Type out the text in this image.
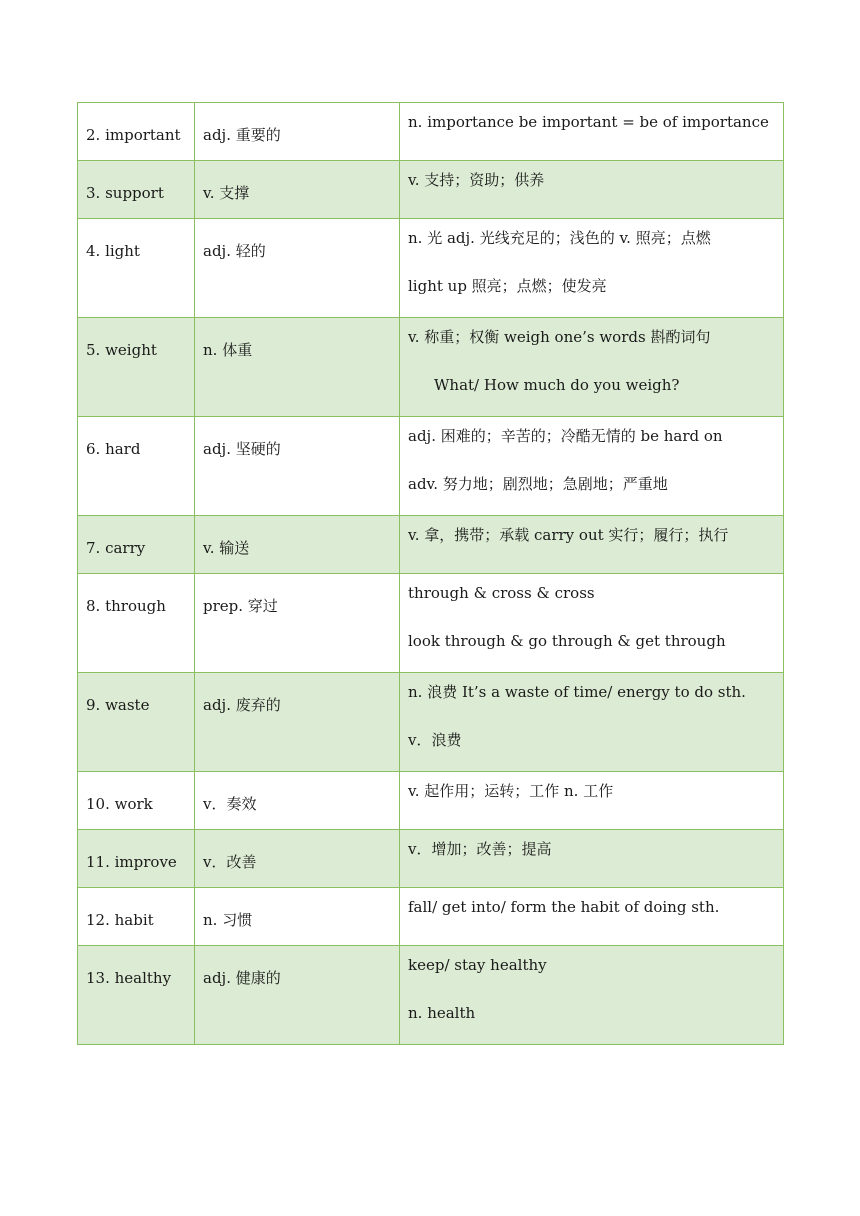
2. important	adj. 重要的	n. importance be important = be of importance

3. support	v. 支撑	v. 支持；资助；供养

4. light	adj. 轻的	n. 光 adj. 光线充足的；浅色的 v. 照亮；点燃
light up 照亮；点燃；使发亮

5. weight	n. 体重	v. 称重；权衡 weigh one’s words 斟酌词句
What/ How much do you weigh?

6. hard	adj. 坚硬的	adj. 困难的；辛苦的；冷酷无情的 be hard on
adv. 努力地；剧烈地；急剧地；严重地

7. carry	v. 输送	v. 拿，携带；承载 carry out 实行；履行；执行

8. through	prep. 穿过	through & cross & cross
look through & go through & get through

9. waste	adj. 废弃的	n. 浪费 It’s a waste of time/ energy to do sth.
v．浪费

10. work	v．奏效	v. 起作用；运转；工作 n. 工作

11. improve	v．改善	v．增加；改善；提高

12. habit	n. 习惯	fall/ get into/ form the habit of doing sth.

13. healthy	adj. 健康的	keep/ stay healthy
n. health
